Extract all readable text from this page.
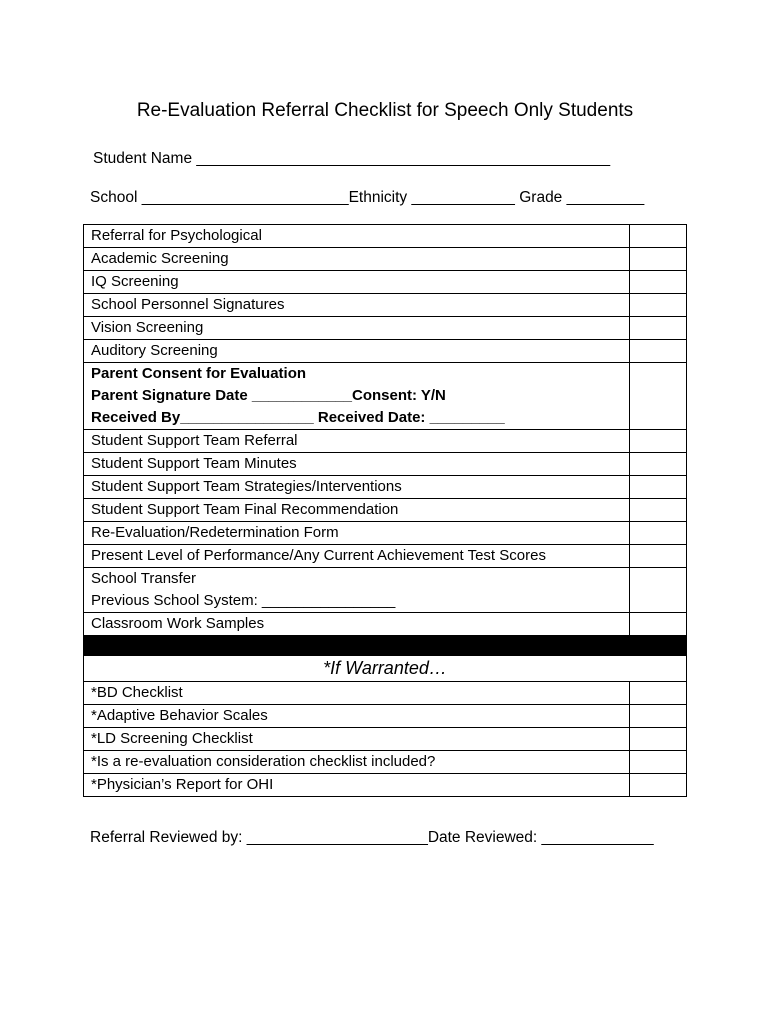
Re-Evaluation Referral Checklist for Speech Only Students
Student Name ________________________________________________
School ________________________Ethnicity ____________ Grade _________
Referral for Psychological	
Academic Screening	
IQ Screening	
School Personnel Signatures	
Vision Screening	
Auditory Screening	

Parent Consent for Evaluation
Parent Signature Date ____________Consent: Y/N
Received By________________ Received Date: _________	

Student Support Team Referral	
Student Support Team Minutes	
Student Support Team Strategies/Interventions	
Student Support Team Final Recommendation	
Re-Evaluation/Redetermination Form	
Present Level of Performance/Any Current Achievement Test Scores	

School Transfer
Previous School System: ________________	

Classroom Work Samples	

*If Warranted…	
*BD Checklist	
*Adaptive Behavior Scales	
*LD Screening Checklist	
*Is a re-evaluation consideration checklist included?	
*Physician’s Report for OHI	
Referral Reviewed by: _____________________Date Reviewed: _____________
